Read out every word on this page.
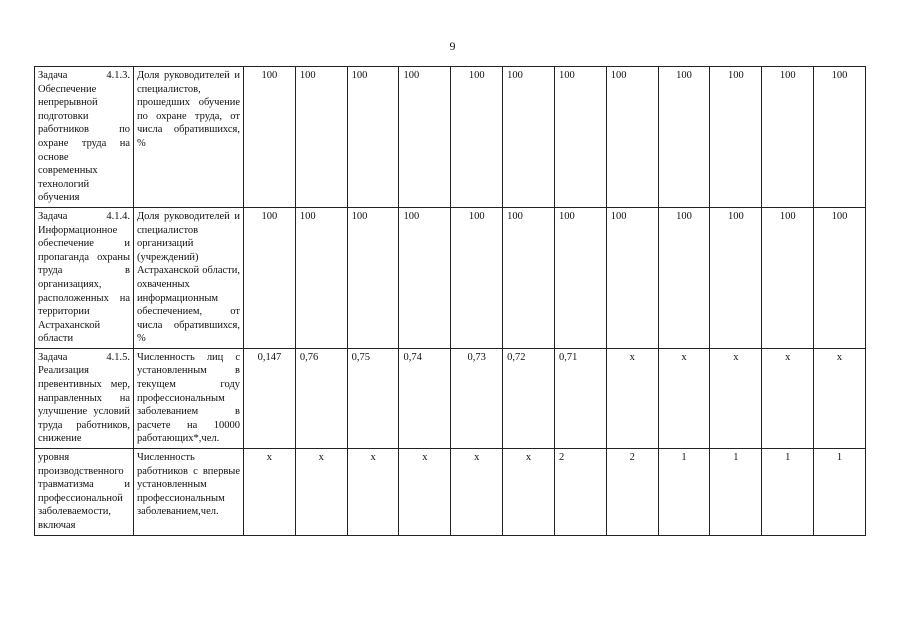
9
Задача 4.1.3. Обеспечение непрерывной подготовки работников по охране труда на основе современных технологий обучения	Доля руководителей и специалистов, прошедших обучение по охране труда, от числа обратившихся, %	100	100	100	100	100	100	100	100	100	100	100	100
Задача 4.1.4. Информационное обеспечение и пропаганда охраны труда в организациях, расположенных на территории Астраханской области	Доля руководителей и специалистов организаций (учреждений) Астраханской области, охваченных информационным обеспечением, от числа обратившихся, %	100	100	100	100	100	100	100	100	100	100	100	100
Задача 4.1.5. Реализация превентивных мер, направленных на улучшение условий труда работников, снижение	Численность лиц с установленным в текущем году профессиональным заболеванием в расчете на 10000 работающих*,чел.	0,147	0,76	0,75	0,74	0,73	0,72	0,71	х	х	х	х	х
уровня производственного травматизма и профессиональной заболеваемости, включая	Численность работников с впервые установленным профессиональным заболеванием,чел.	х	х	х	х	х	х	2	2	1	1	1	1
